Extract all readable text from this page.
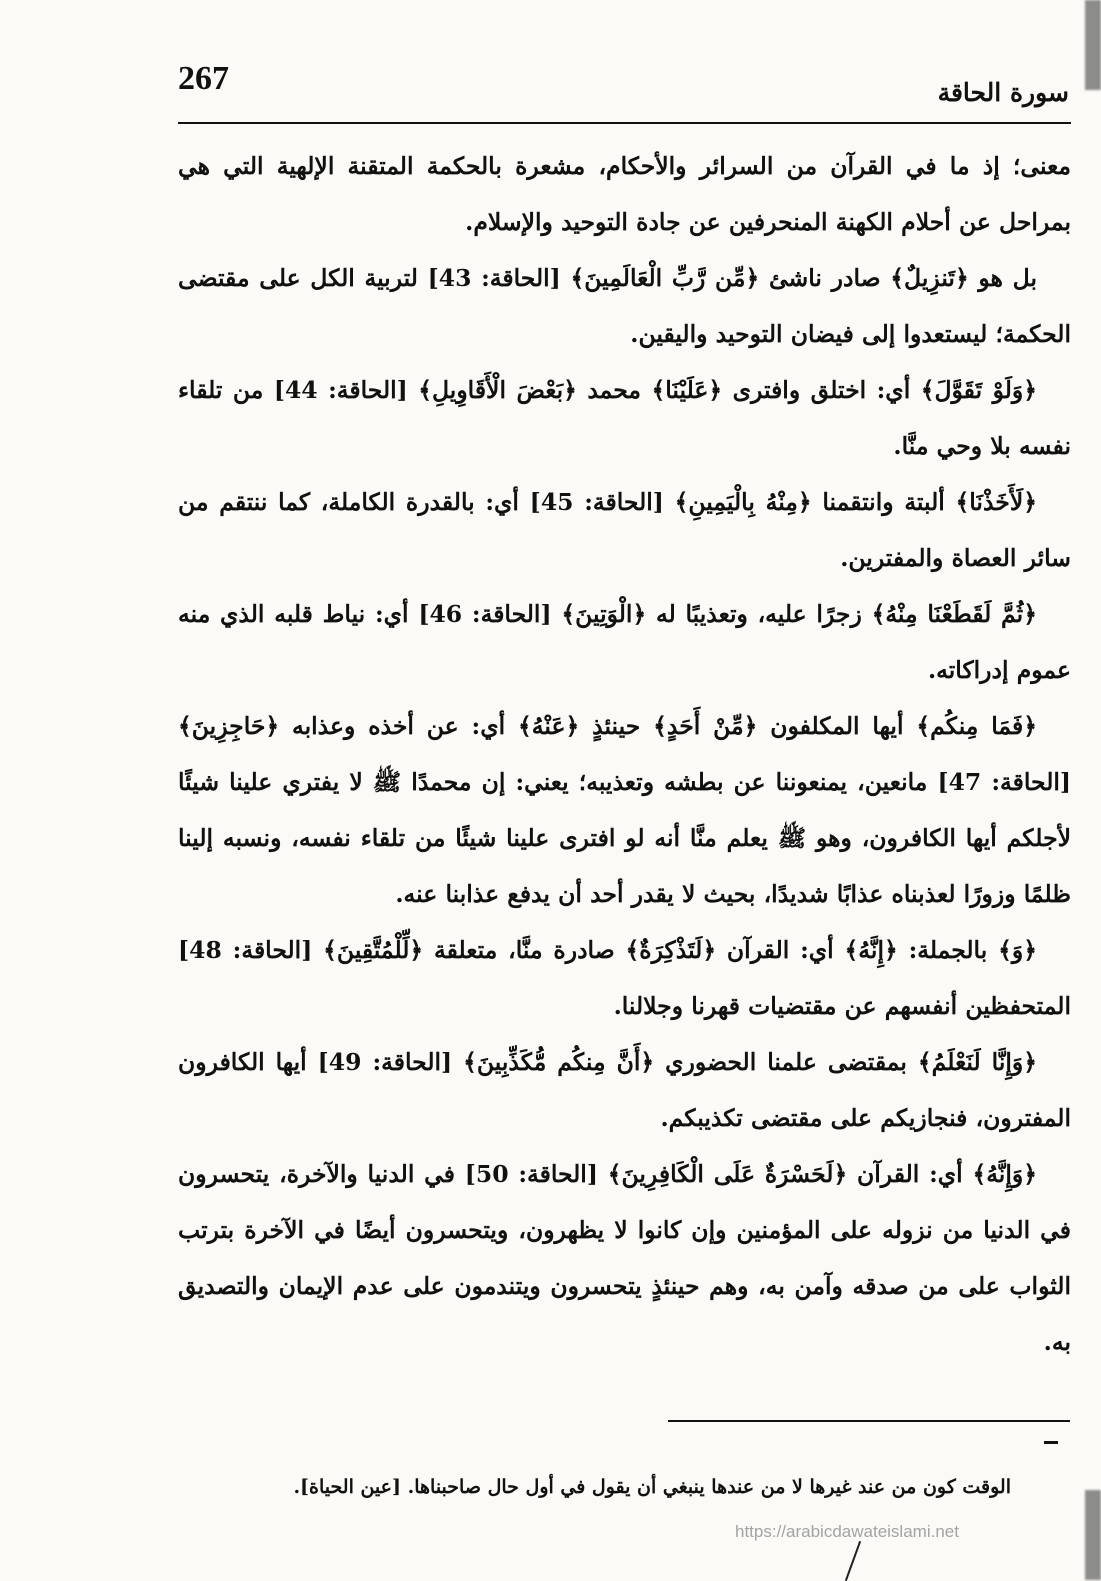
267	سورة الحاقة

معنى؛ إذ ما في القرآن من السرائر والأحكام، مشعرة بالحكمة المتقنة الإلهية التي هي بمراحل عن أحلام الكهنة المنحرفين عن جادة التوحيد والإسلام.

بل هو ﴿تَنزِيلٌ﴾ صادر ناشئ ﴿مِّن رَّبِّ الْعَالَمِينَ﴾ [الحاقة: 43] لتربية الكل على مقتضى الحكمة؛ ليستعدوا إلى فيضان التوحيد واليقين.

﴿وَلَوْ تَقَوَّلَ﴾ أي: اختلق وافترى ﴿عَلَيْنَا﴾ محمد ﴿بَعْضَ الْأَقَاوِيلِ﴾ [الحاقة: 44] من تلقاء نفسه بلا وحي منَّا.

﴿لَأَخَذْنَا﴾ ألبتة وانتقمنا ﴿مِنْهُ بِالْيَمِينِ﴾ [الحاقة: 45] أي: بالقدرة الكاملة، كما ننتقم من سائر العصاة والمفترين.

﴿ثُمَّ لَقَطَعْنَا مِنْهُ﴾ زجرًا عليه، وتعذيبًا له ﴿الْوَتِينَ﴾ [الحاقة: 46] أي: نياط قلبه الذي منه عموم إدراكاته.

﴿فَمَا مِنكُم﴾ أيها المكلفون ﴿مِّنْ أَحَدٍ﴾ حينئذٍ ﴿عَنْهُ﴾ أي: عن أخذه وعذابه ﴿حَاجِزِينَ﴾ [الحاقة: 47] مانعين، يمنعوننا عن بطشه وتعذيبه؛ يعني: إن محمدًا ﷺ لا يفتري علينا شيئًا لأجلكم أيها الكافرون، وهو ﷺ يعلم منَّا أنه لو افترى علينا شيئًا من تلقاء نفسه، ونسبه إلينا ظلمًا وزورًا لعذبناه عذابًا شديدًا، بحيث لا يقدر أحد أن يدفع عذابنا عنه.

﴿وَ﴾ بالجملة: ﴿إِنَّهُ﴾ أي: القرآن ﴿لَتَذْكِرَةٌ﴾ صادرة منَّا، متعلقة ﴿لِّلْمُتَّقِينَ﴾ [الحاقة: 48] المتحفظين أنفسهم عن مقتضيات قهرنا وجلالنا.

﴿وَإِنَّا لَنَعْلَمُ﴾ بمقتضى علمنا الحضوري ﴿أَنَّ مِنكُم مُّكَذِّبِينَ﴾ [الحاقة: 49] أيها الكافرون المفترون، فنجازيكم على مقتضى تكذيبكم.

﴿وَإِنَّهُ﴾ أي: القرآن ﴿لَحَسْرَةٌ عَلَى الْكَافِرِينَ﴾ [الحاقة: 50] في الدنيا والآخرة، يتحسرون في الدنيا من نزوله على المؤمنين وإن كانوا لا يظهرون، ويتحسرون أيضًا في الآخرة بترتب الثواب على من صدقه وآمن به، وهم حينئذٍ يتحسرون ويتندمون على عدم الإيمان والتصديق به.

الوقت كون من عند غيرها لا من عندها ينبغي أن يقول في أول حال صاحبناها. [عين الحياة].
https://arabicdawateislami.net
